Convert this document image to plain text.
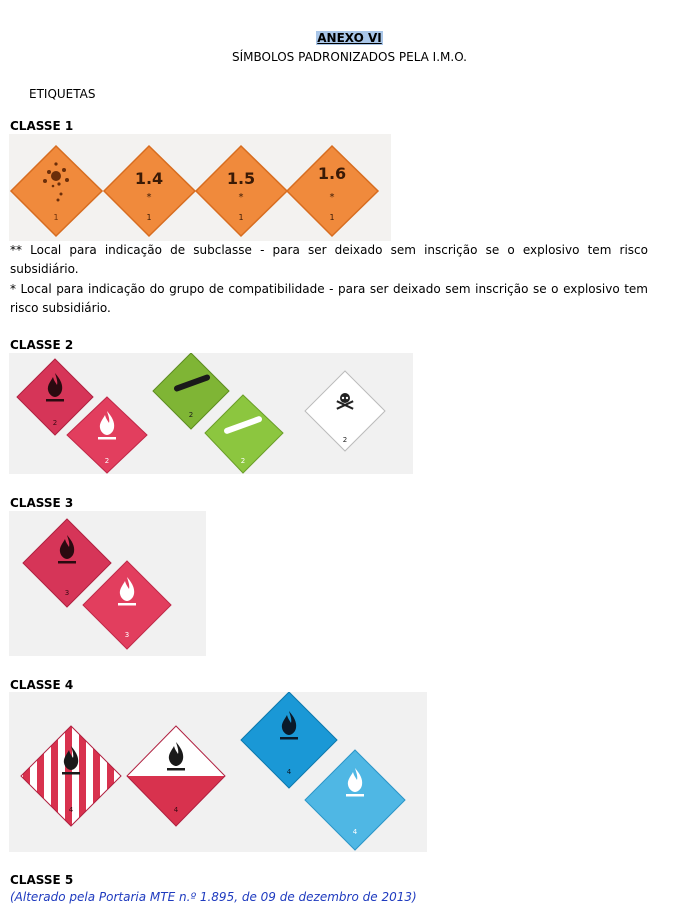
ANEXO VI
SÍMBOLOS PADRONIZADOS PELA I.M.O.
ETIQUETAS
CLASSE 1
1
1.4
*
1
1.5
*
1
1.6
*
1
** Local para indicação de subclasse - para ser deixado sem inscrição se o explosivo tem risco subsidiário.
* Local para indicação do grupo de compatibilidade - para ser deixado sem inscrição se o explosivo tem risco subsidiário.
CLASSE 2
2
2
2
2
2
CLASSE 3
3
3
CLASSE 4
4	4
4
4
CLASSE 5
(Alterado pela Portaria MTE n.º 1.895, de 09 de dezembro de 2013)
